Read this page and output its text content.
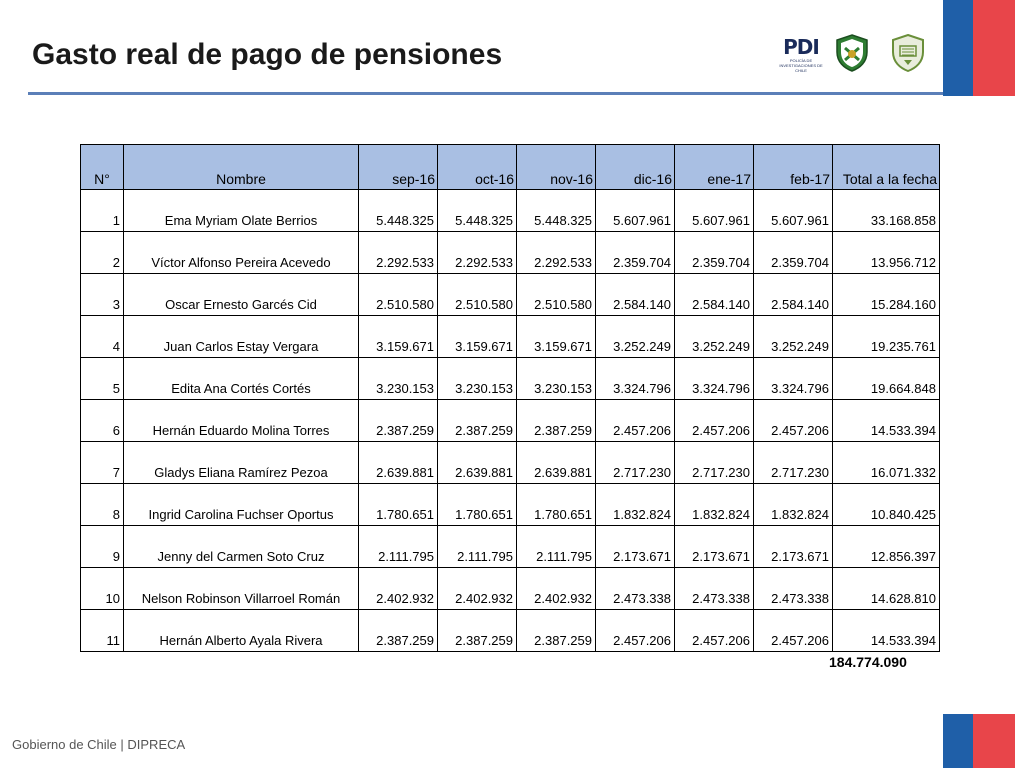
Gasto real de pago de pensiones	PDI
POLICÍA DE INVESTIGACIONES DE CHILE
N°	Nombre	sep-16	oct-16	nov-16	dic-16	ene-17	feb-17	Total a la fecha
1	Ema Myriam Olate Berrios	5.448.325	5.448.325	5.448.325	5.607.961	5.607.961	5.607.961	33.168.858
2	Víctor Alfonso Pereira Acevedo	2.292.533	2.292.533	2.292.533	2.359.704	2.359.704	2.359.704	13.956.712
3	Oscar Ernesto Garcés Cid	2.510.580	2.510.580	2.510.580	2.584.140	2.584.140	2.584.140	15.284.160
4	Juan Carlos Estay Vergara	3.159.671	3.159.671	3.159.671	3.252.249	3.252.249	3.252.249	19.235.761
5	Edita Ana Cortés Cortés	3.230.153	3.230.153	3.230.153	3.324.796	3.324.796	3.324.796	19.664.848
6	Hernán Eduardo Molina Torres	2.387.259	2.387.259	2.387.259	2.457.206	2.457.206	2.457.206	14.533.394
7	Gladys Eliana Ramírez Pezoa	2.639.881	2.639.881	2.639.881	2.717.230	2.717.230	2.717.230	16.071.332
8	Ingrid Carolina Fuchser Oportus	1.780.651	1.780.651	1.780.651	1.832.824	1.832.824	1.832.824	10.840.425
9	Jenny del Carmen Soto Cruz	2.111.795	2.111.795	2.111.795	2.173.671	2.173.671	2.173.671	12.856.397
10	Nelson Robinson Villarroel Román	2.402.932	2.402.932	2.402.932	2.473.338	2.473.338	2.473.338	14.628.810
11	Hernán Alberto Ayala Rivera	2.387.259	2.387.259	2.387.259	2.457.206	2.457.206	2.457.206	14.533.394
184.774.090
Gobierno de Chile | DIPRECA
